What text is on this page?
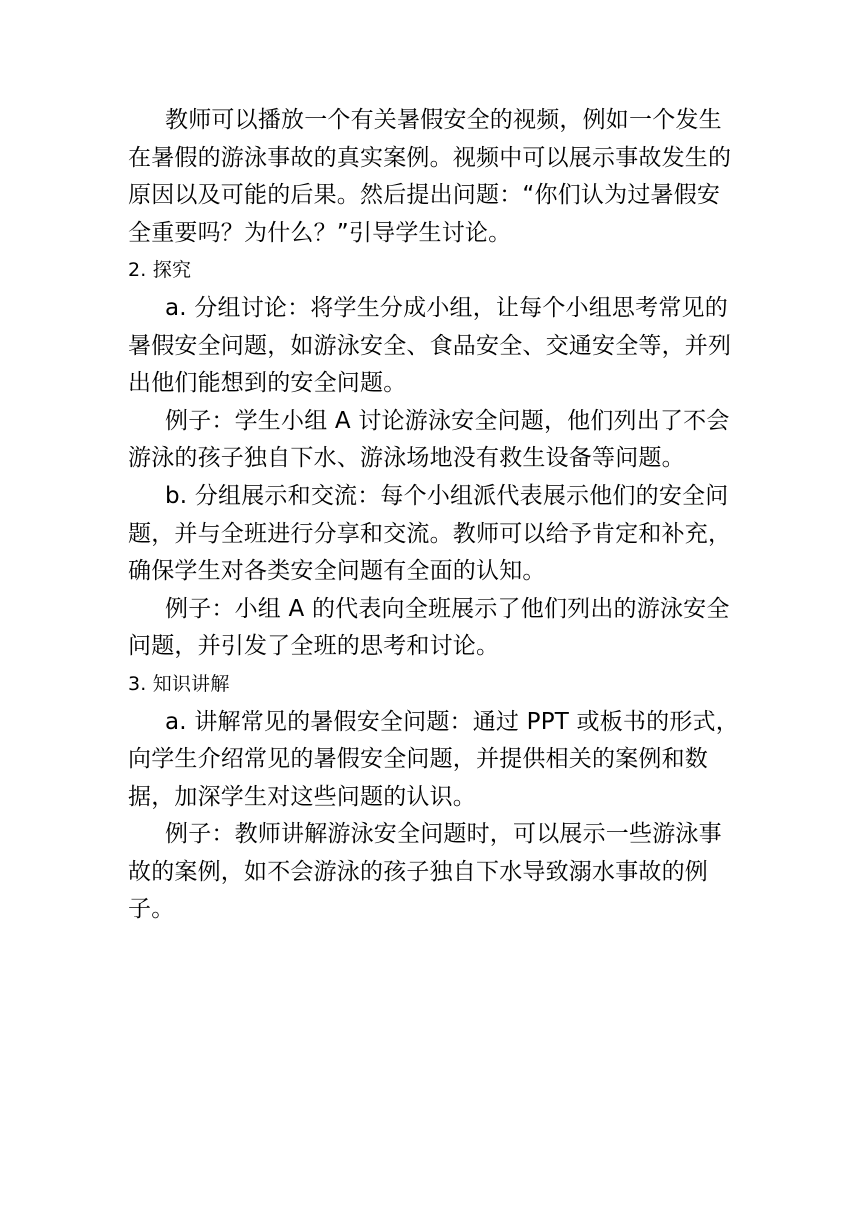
教师可以播放一个有关暑假安全的视频，例如一个发生在暑假的游泳事故的真实案例。视频中可以展示事故发生的原因以及可能的后果。然后提出问题：“你们认为过暑假安全重要吗？为什么？”引导学生讨论。

2. 探究

a. 分组讨论：将学生分成小组，让每个小组思考常见的暑假安全问题，如游泳安全、食品安全、交通安全等，并列出他们能想到的安全问题。

例子：学生小组 A 讨论游泳安全问题，他们列出了不会游泳的孩子独自下水、游泳场地没有救生设备等问题。

b. 分组展示和交流：每个小组派代表展示他们的安全问题，并与全班进行分享和交流。教师可以给予肯定和补充，确保学生对各类安全问题有全面的认知。

例子：小组 A 的代表向全班展示了他们列出的游泳安全问题，并引发了全班的思考和讨论。

3. 知识讲解

a. 讲解常见的暑假安全问题：通过 PPT 或板书的形式，向学生介绍常见的暑假安全问题，并提供相关的案例和数据，加深学生对这些问题的认识。

例子：教师讲解游泳安全问题时，可以展示一些游泳事故的案例，如不会游泳的孩子独自下水导致溺水事故的例子。
